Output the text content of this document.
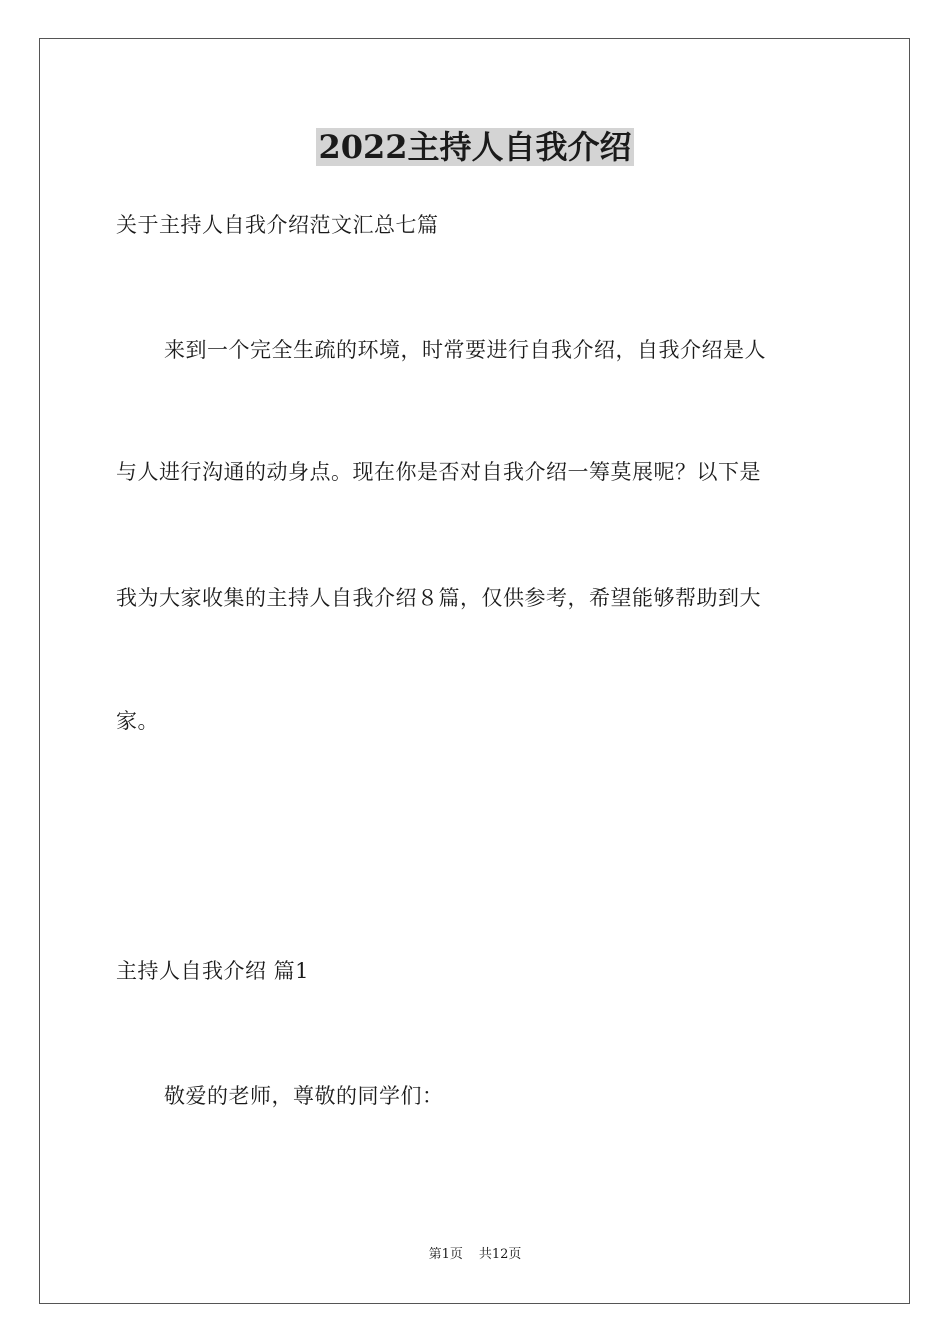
2022主持人自我介绍
关于主持人自我介绍范文汇总七篇
来到一个完全生疏的环境，时常要进行自我介绍，自我介绍是人
与人进行沟通的动身点。现在你是否对自我介绍一筹莫展呢？以下是
我为大家收集的主持人自我介绍８篇，仅供参考，希望能够帮助到大
家。
主持人自我介绍 篇1
敬爱的老师，尊敬的同学们：
第1页 共12页
